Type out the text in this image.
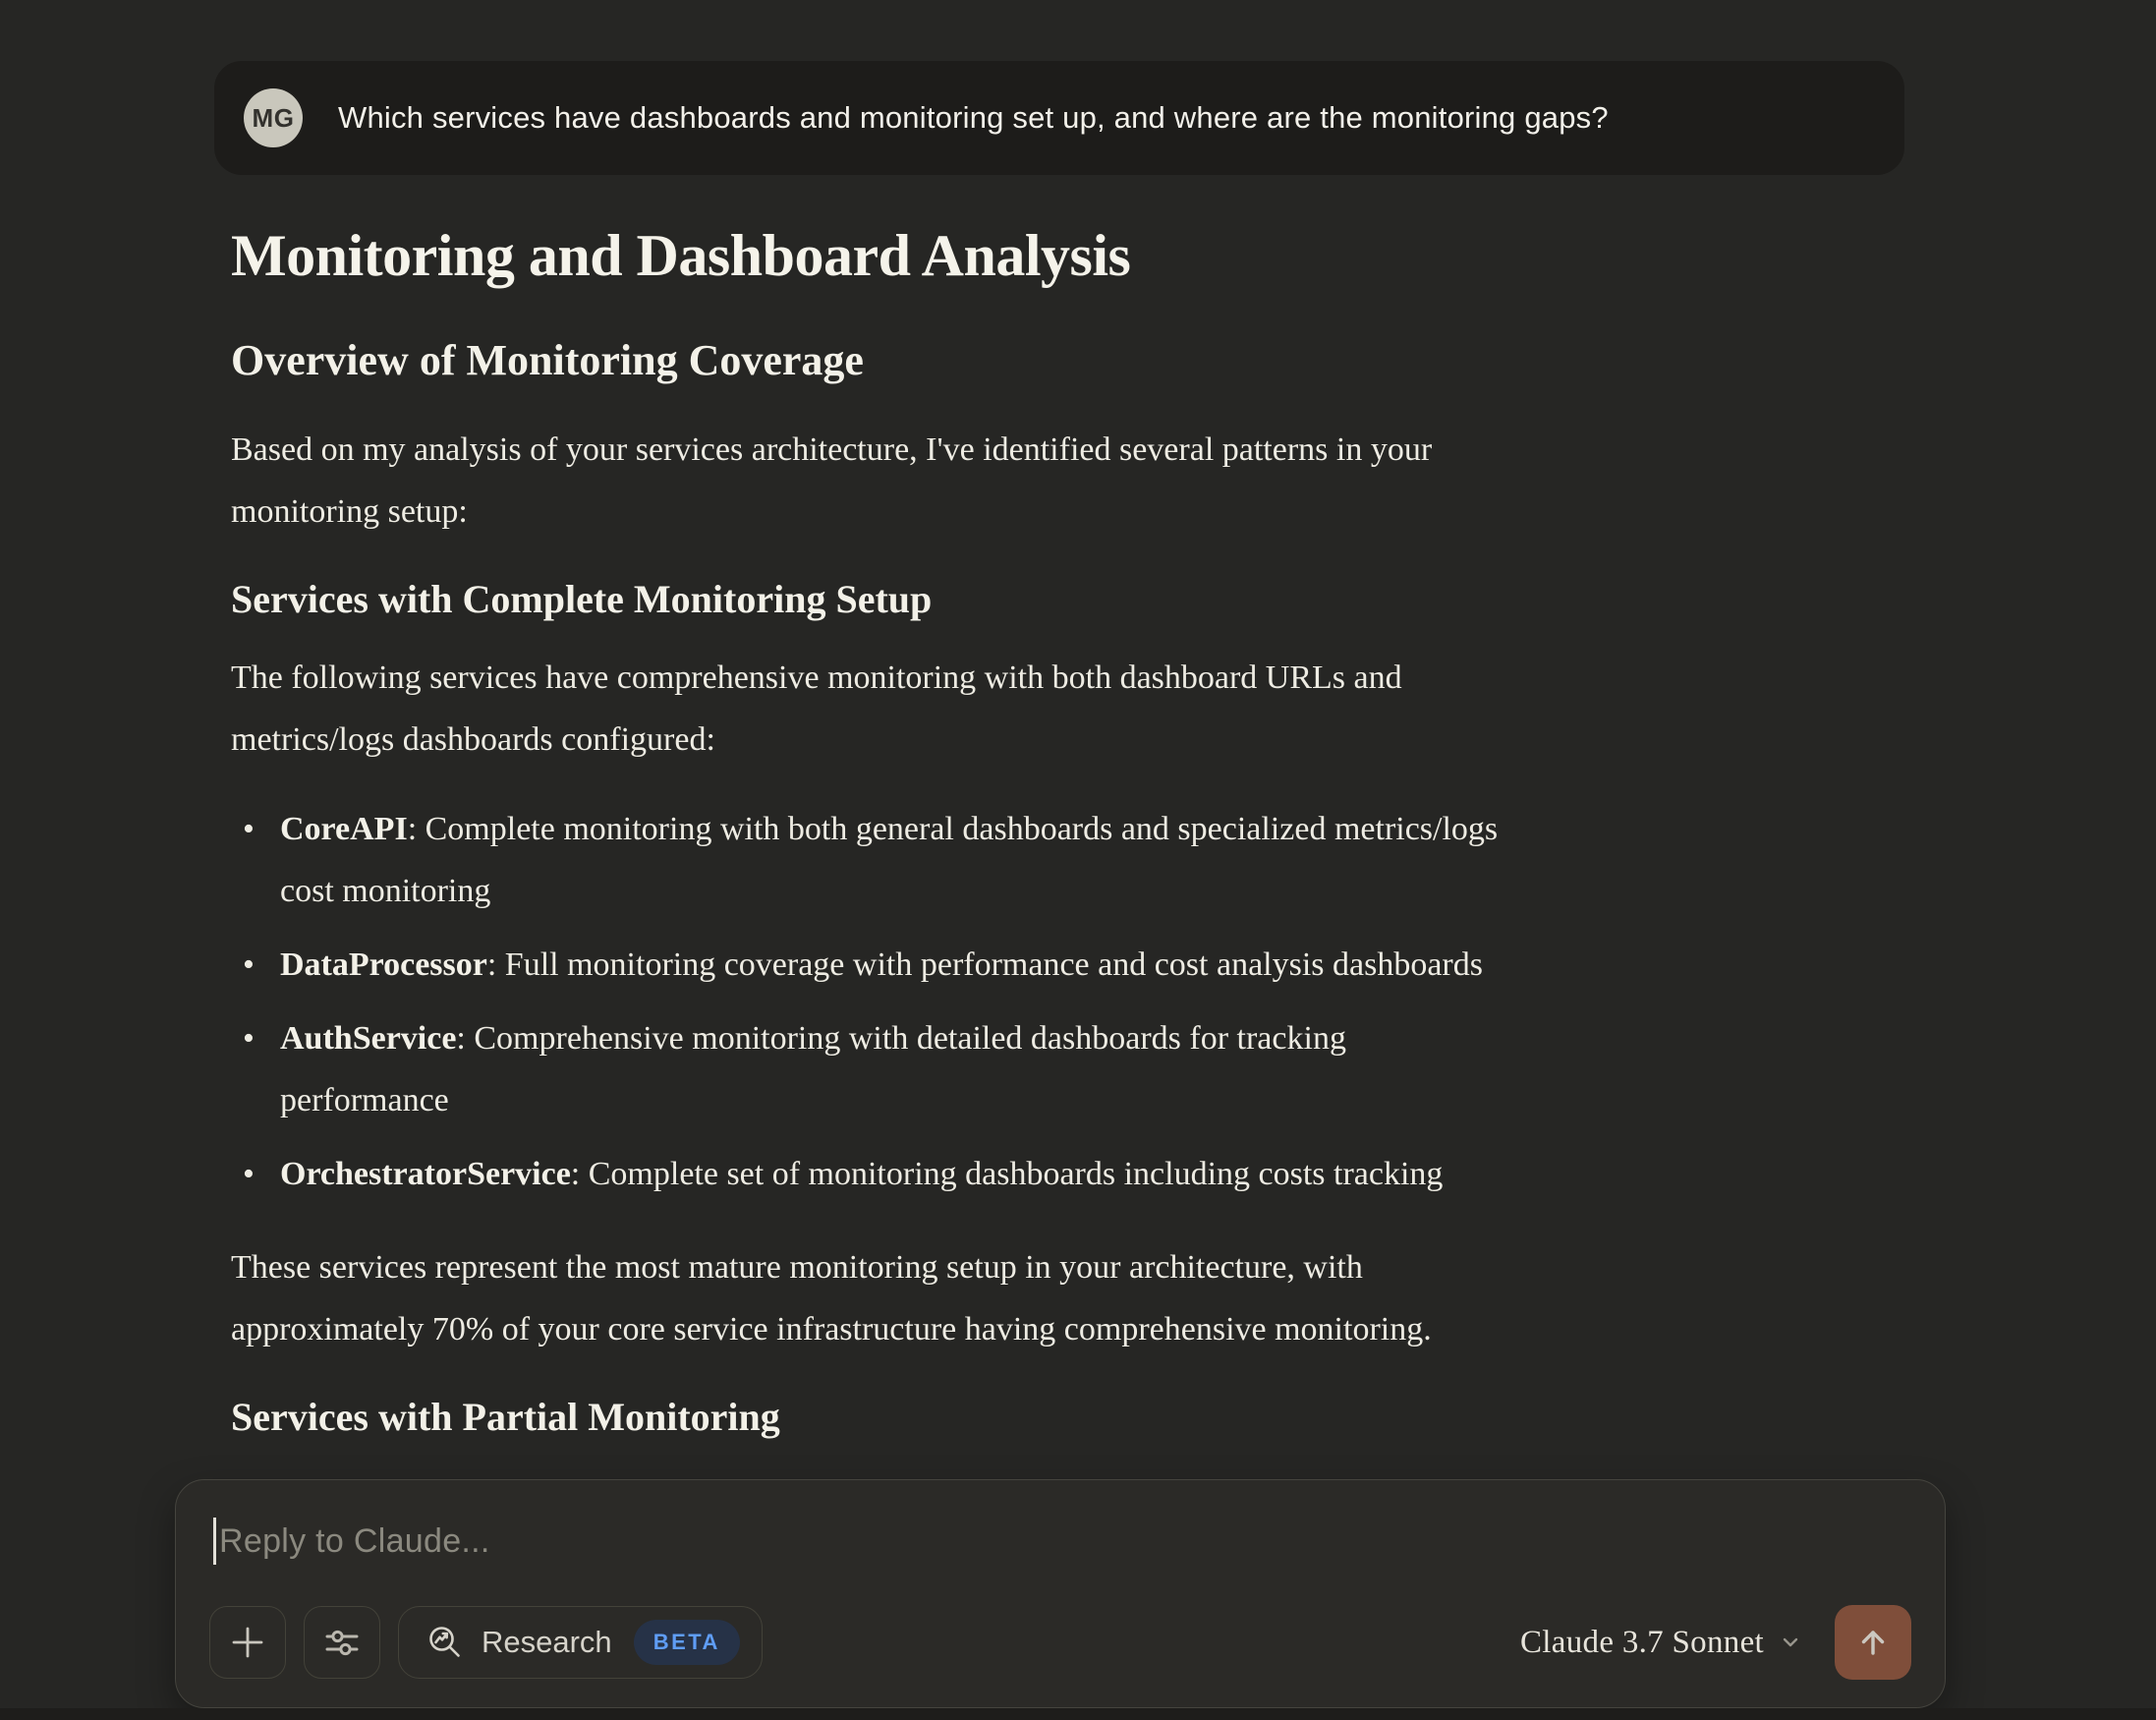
MG Which services have dashboards and monitoring set up, and where are the monitoring gaps?
Monitoring and Dashboard Analysis
Overview of Monitoring Coverage
Based on my analysis of your services architecture, I've identified several patterns in your
monitoring setup:
Services with Complete Monitoring Setup
The following services have comprehensive monitoring with both dashboard URLs and
metrics/logs dashboards configured:
• CoreAPI: Complete monitoring with both general dashboards and specialized metrics/logs
cost monitoring
• DataProcessor: Full monitoring coverage with performance and cost analysis dashboards
• AuthService: Comprehensive monitoring with detailed dashboards for tracking
performance
• OrchestratorService: Complete set of monitoring dashboards including costs tracking
These services represent the most mature monitoring setup in your architecture, with
approximately 70% of your core service infrastructure having comprehensive monitoring.
Services with Partial Monitoring
Reply to Claude...
Research	BETA	Claude 3.7 Sonnet
